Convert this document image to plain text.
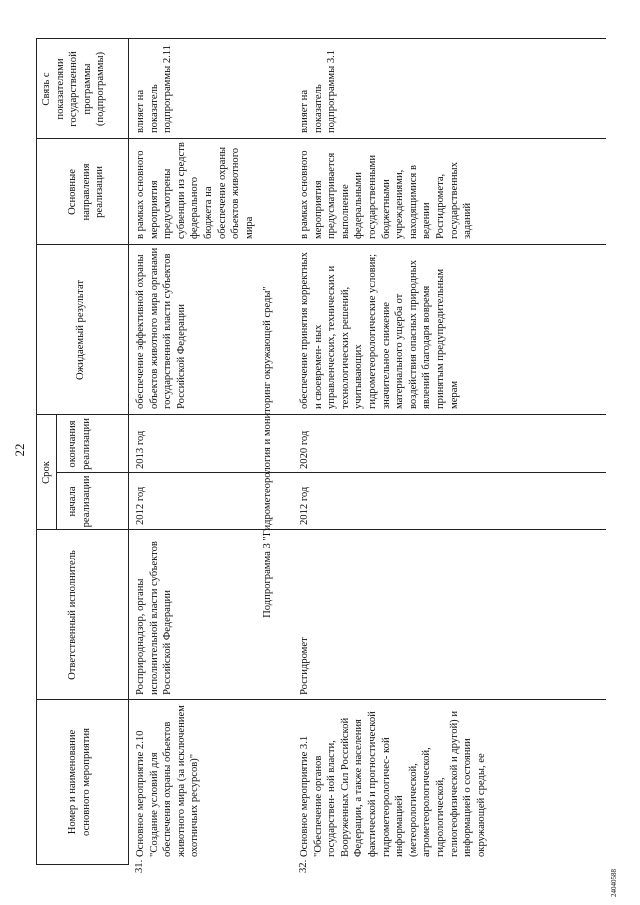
22
Номер и наименование основного мероприятия
Ответственный исполнитель
Срок
начала реализации
окончания реализации
Ожидаемый результат
Основные направления реализации
Связь с показателями государственной программы (подпрограммы)
31.
Основное мероприятие 2.10 "Создание условий для обеспечения охраны объектов животного мира (за исключением охотничьих ресурсов)"
Росприроднадзор, органы исполнительной власти субъектов Российской Федерации
2012 год
2013 год
обеспечение эффективной охраны объектов животного мира органами государственной власти субъектов Российской Федерации
в рамках основного мероприятия предусмотрены субвенции из средств федерального бюджета на обеспечение охраны объектов животного мира
влияет на показатель подпрограммы 2.11
Подпрограмма 3 "Гидрометеорология и мониторинг окружающей среды"
32.
Основное мероприятие 3.1 "Обеспечение органов государствен- ной власти, Вооруженных Сил Российской Федерации, а также населения фактической и прогностической гидрометеорологичес- кой информацией (метеорологической, агрометеорологической, гидрологической, гелиогеофизической и другой) и информацией о состоянии окружающей среды, ее
Росгидромет
2012 год
2020 год
обеспечение принятия корректных и своевремен- ных управленческих, технических и технологических решений, учитывающих гидрометеорологические условия; значительное снижение материального ущерба от воздействия опасных природных явлений благодаря вовремя принятым предупредительным мерам
в рамках основного мероприятия предусматривается выполнение федеральными государственными бюджетными учреждениями, находящимися в ведении Росгидромета, государственных заданий
влияет на показатель подпрограммы 3.1
24040588
